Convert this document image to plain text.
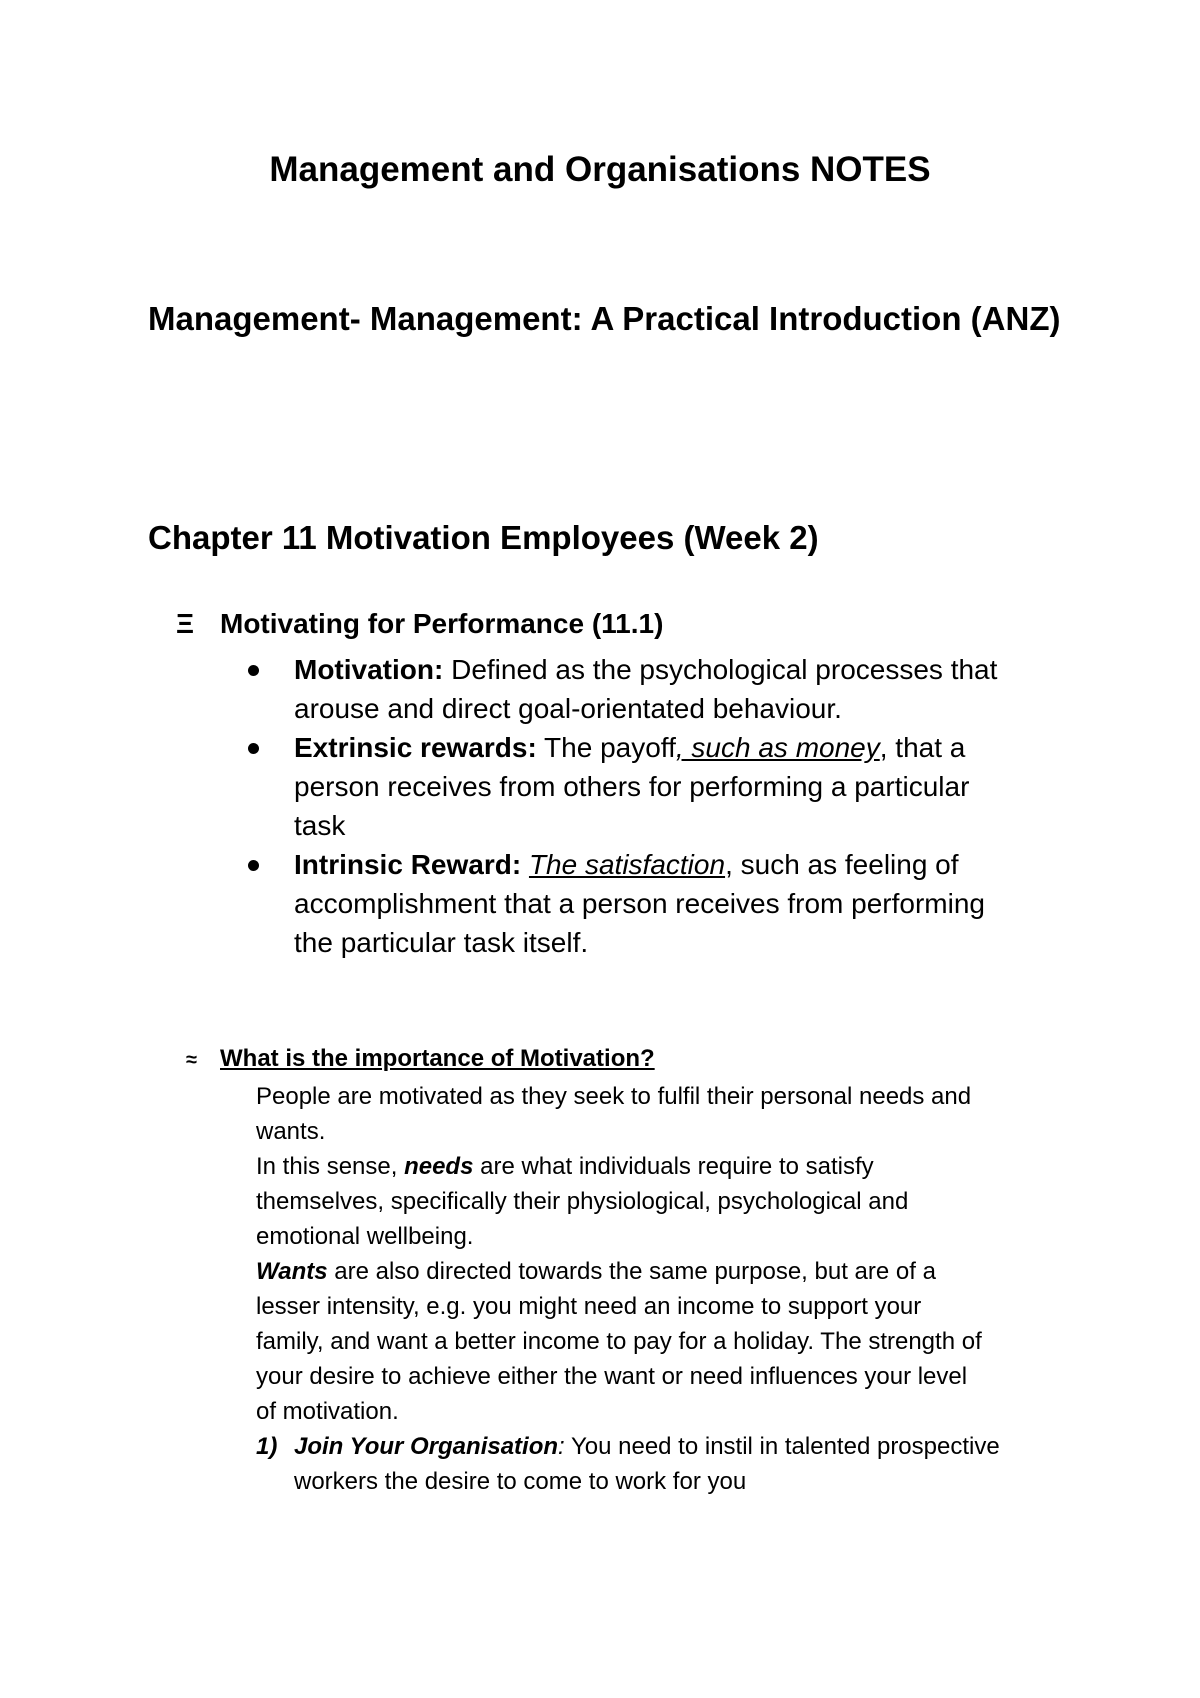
Management and Organisations NOTES
Management- Management: A Practical Introduction (ANZ)
Chapter 11 Motivation Employees (Week 2)
Ξ Motivating for Performance (11.1)
Motivation: Defined as the psychological processes that
arouse and direct goal-orientated behaviour.
Extrinsic rewards: The payoff, such as money, that a
person receives from others for performing a particular
task
Intrinsic Reward: The satisfaction, such as feeling of
accomplishment that a person receives from performing
the particular task itself.
≈ What is the importance of Motivation?
People are motivated as they seek to fulfil their personal needs and
wants.
In this sense, needs are what individuals require to satisfy
themselves, specifically their physiological, psychological and
emotional wellbeing.
Wants are also directed towards the same purpose, but are of a
lesser intensity, e.g. you might need an income to support your
family, and want a better income to pay for a holiday. The strength of
your desire to achieve either the want or need influences your level
of motivation.
1) Join Your Organisation: You need to instil in talented prospective
workers the desire to come to work for you
